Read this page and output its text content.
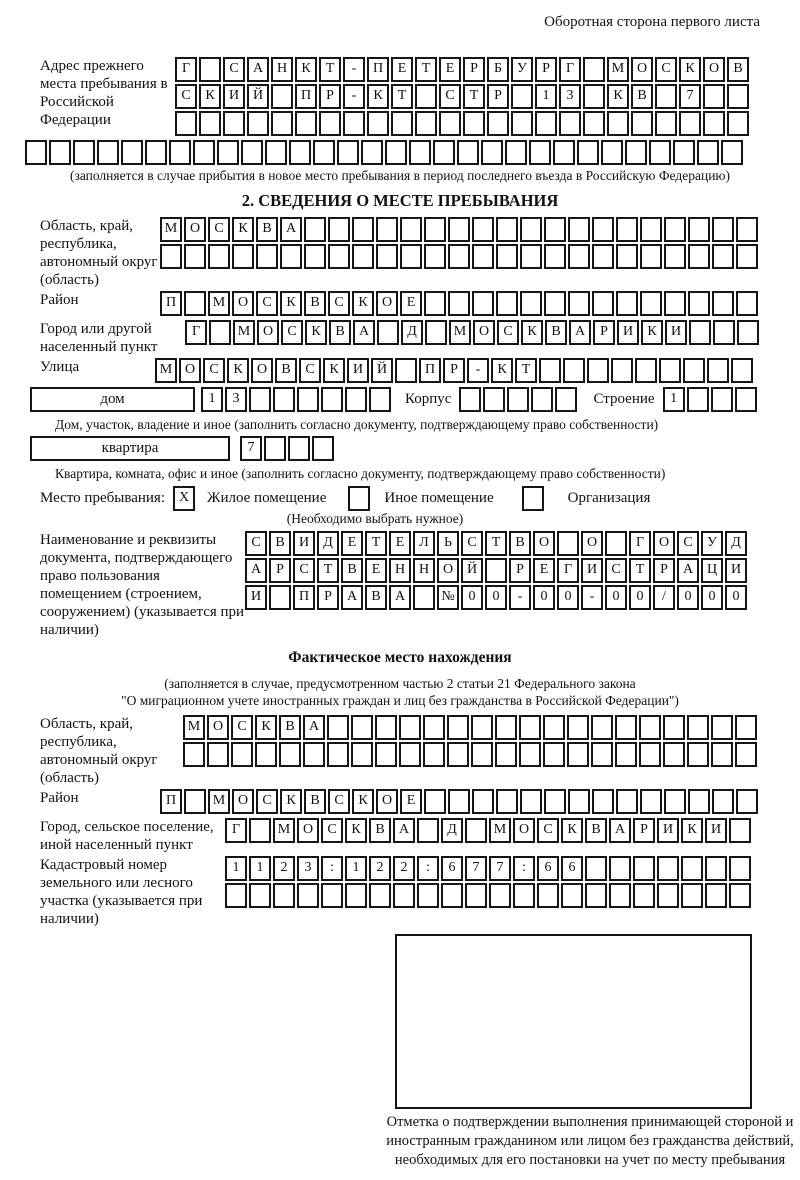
Оборотная сторона первого листа
Адрес прежнего места пребывания в Российской Федерации
Г	С А Н К Т - П Е Т Е Р Б У Р Г	М О С К О В
С К И Й	П Р - К Т	С Т Р	1 3	К В	7
(заполняется в случае прибытия в новое место пребывания в период последнего въезда в Российскую Федерацию)
2. СВЕДЕНИЯ О МЕСТЕ ПРЕБЫВАНИЯ
Область, край, республика, автономный округ (область)
М О С К В А
Район	П	М О С К В С К О Е
Город или другой населенный пункт
Г	М О С К В А	Д	М О С К В А Р И К И
Улица	М О С К О В С К И Й	П Р - К Т
дом	1 3	Корпус	Строение	1
Дом, участок, владение и иное (заполнить согласно документу, подтверждающему право собственности)
квартира	7
Квартира, комната, офис и иное (заполнить согласно документу, подтверждающему право собственности)
Место пребывания: X	Жилое помещение	Иное помещение	Организация
(Необходимо выбрать нужное)
Наименование и реквизиты документа, подтверждающего право пользования помещением (строением, сооружением) (указывается при наличии)
С В И Д Е Т Е Л Ь С Т В О	О	Г О С У Д
А Р С Т В Е Н Н О Й	Р Е Г И С Т Р А Ц И
И	П Р А В А	№ 0 0 - 0 0 - 0 0 / 0 0 0
Фактическое место нахождения
(заполняется в случае, предусмотренном частью 2 статьи 21 Федерального закона
"О миграционном учете иностранных граждан и лиц без гражданства в Российской Федерации")
Область, край, республика, автономный округ (область)
М О С К В А
Район	П	М О С К В С К О Е
Город, сельское поселение, иной населенный пункт
Г	М О С К В А	Д	М О С К В А Р И К И
Кадастровый номер земельного или лесного участка (указывается при наличии)
1 1 2 3 : 1 2 2 : 6 7 7 : 6 6
Отметка о подтверждении выполнения принимающей стороной и иностранным гражданином или лицом без гражданства действий, необходимых для его постановки на учет по месту пребывания
